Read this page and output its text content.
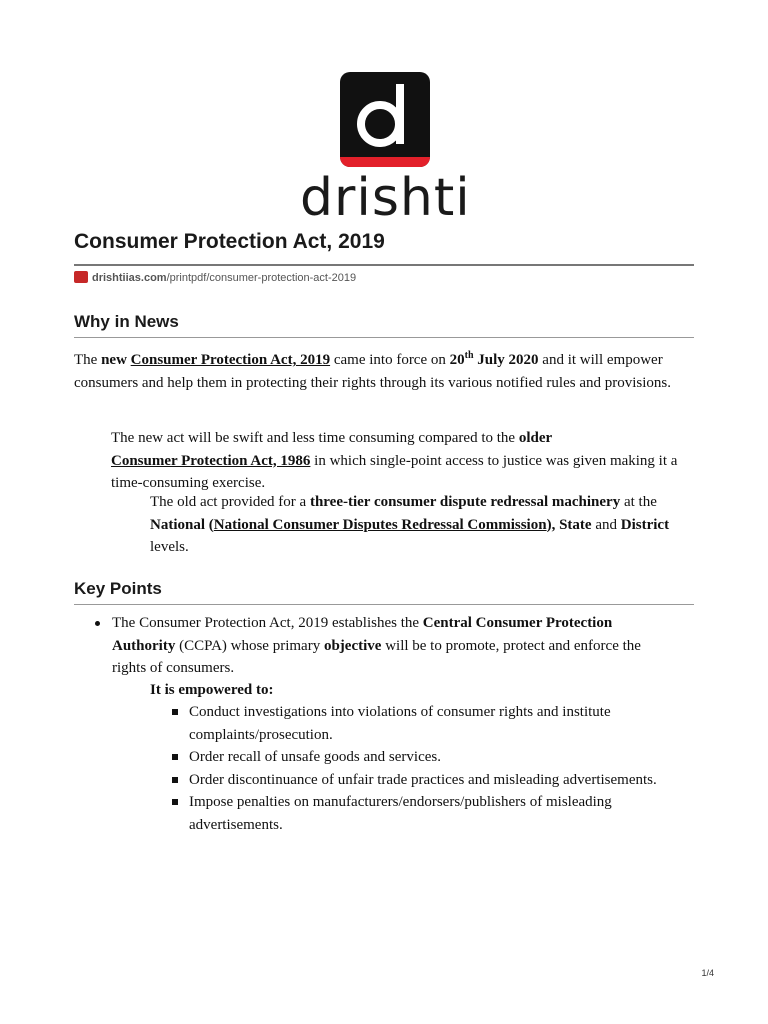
drishti
Consumer Protection Act, 2019
drishtiias.com/printpdf/consumer-protection-act-2019
Why in News
The new Consumer Protection Act, 2019 came into force on 20th July 2020 and it will empower consumers and help them in protecting their rights through its various notified rules and provisions.
The new act will be swift and less time consuming compared to the older
Consumer Protection Act, 1986 in which single-point access to justice was given making it a time-consuming exercise.
The old act provided for a three-tier consumer dispute redressal machinery at the National (National Consumer Disputes Redressal Commission), State and District levels.
Key Points
The Consumer Protection Act, 2019 establishes the Central Consumer Protection Authority (CCPA) whose primary objective will be to promote, protect and enforce the rights of consumers.
It is empowered to:
Conduct investigations into violations of consumer rights and institute complaints/prosecution.
Order recall of unsafe goods and services.
Order discontinuance of unfair trade practices and misleading advertisements.
Impose penalties on manufacturers/endorsers/publishers of misleading advertisements.
1/4
